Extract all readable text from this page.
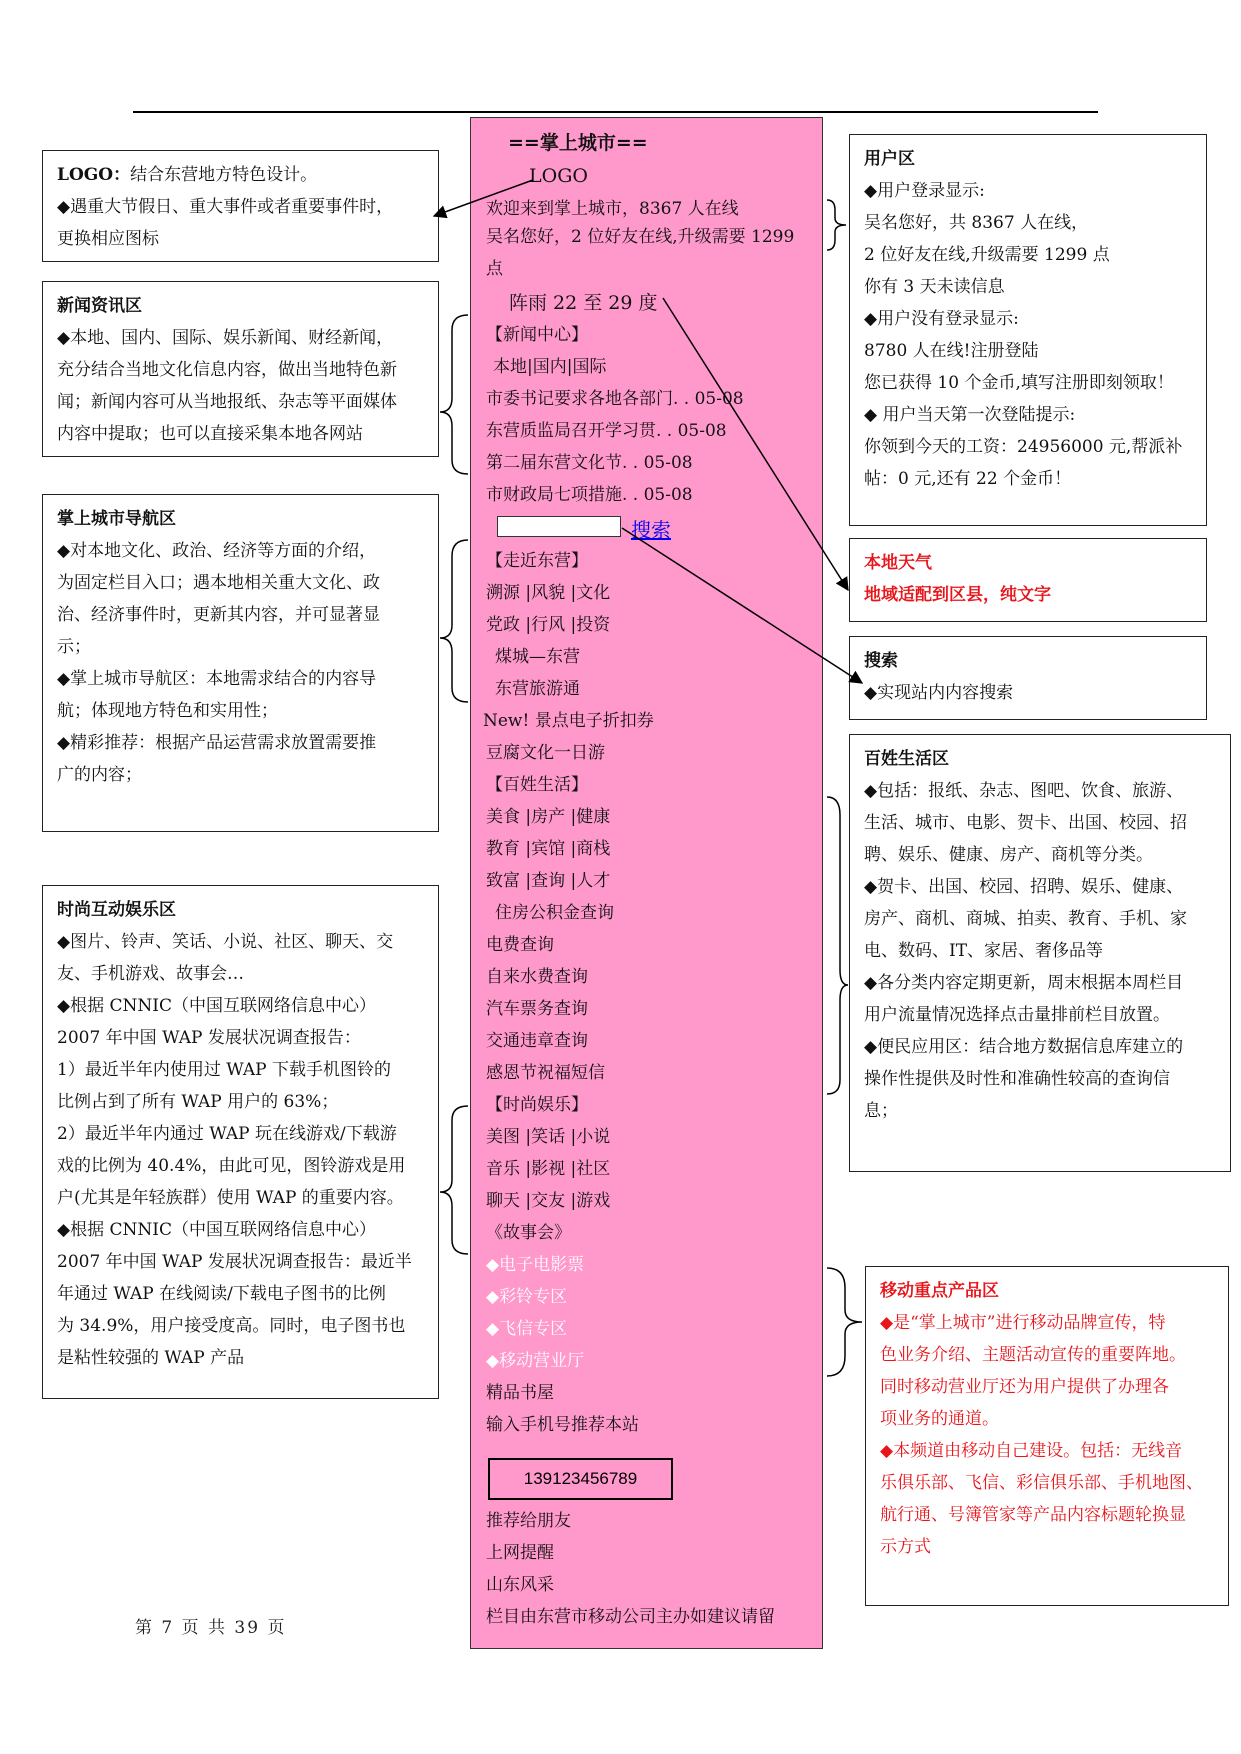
==掌上城市==
LOGO
欢迎来到掌上城市，8367 人在线
吴名您好，2 位好友在线,升级需要 1299 点
阵雨 22 至 29 度
【新闻中心】
本地|国内|国际
市委书记要求各地各部门. . 05-08
东营质监局召开学习贯. . 05-08
第二届东营文化节. . 05-08
市财政局七项措施. . 05-08
搜索
【走近东营】
溯源 |风貌 |文化
党政 |行风 |投资
煤城—东营
东营旅游通
New! 景点电子折扣券
豆腐文化一日游
【百姓生活】
美食 |房产 |健康
教育 |宾馆 |商栈
致富 |查询 |人才
住房公积金查询
电费查询
自来水费查询
汽车票务查询
交通违章查询
感恩节祝福短信
【时尚娱乐】
美图 |笑话 |小说
音乐 |影视 |社区
聊天 |交友 |游戏
《故事会》
◆电子电影票
◆彩铃专区
◆飞信专区
◆移动营业厅
精品书屋
输入手机号推荐本站
139123456789
推荐给朋友
上网提醒
山东风采
栏目由东营市移动公司主办如建议请留

LOGO：结合东营地方特色设计。

◆遇重大节假日、重大事件或者重要事件时，

更换相应图标

新闻资讯区

◆本地、国内、国际、娱乐新闻、财经新闻，

充分结合当地文化信息内容，做出当地特色新

闻；新闻内容可从当地报纸、杂志等平面媒体

内容中提取；也可以直接采集本地各网站

掌上城市导航区

◆对本地文化、政治、经济等方面的介绍，

为固定栏目入口；遇本地相关重大文化、政

治、经济事件时，更新其内容，并可显著显

示；

◆掌上城市导航区：本地需求结合的内容导

航；体现地方特色和实用性；

◆精彩推荐：根据产品运营需求放置需要推

广的内容；

时尚互动娱乐区

◆图片、铃声、笑话、小说、社区、聊天、交

友、手机游戏、故事会…

◆根据 CNNIC（中国互联网络信息中心）

2007 年中国 WAP 发展状况调查报告：

1）最近半年内使用过 WAP 下载手机图铃的

比例占到了所有 WAP 用户的 63%；

2）最近半年内通过 WAP 玩在线游戏/下载游

戏的比例为 40.4%，由此可见，图铃游戏是用

户(尤其是年轻族群）使用 WAP 的重要内容。

◆根据 CNNIC（中国互联网络信息中心）

2007 年中国 WAP 发展状况调查报告：最近半

年通过 WAP 在线阅读/下载电子图书的比例

为 34.9%，用户接受度高。同时，电子图书也

是粘性较强的 WAP 产品

用户区

◆用户登录显示:

吴名您好，共 8367 人在线，

2 位好友在线,升级需要 1299 点

你有 3 天未读信息

◆用户没有登录显示:

8780 人在线!注册登陆

您已获得 10 个金币,填写注册即刻领取！

◆ 用户当天第一次登陆提示:

你领到今天的工资：24956000 元,帮派补

帖：0 元,还有 22 个金币！

本地天气

地域适配到区县，纯文字

搜索

◆实现站内内容搜索

百姓生活区

◆包括：报纸、杂志、图吧、饮食、旅游、

生活、城市、电影、贺卡、出国、校园、招

聘、娱乐、健康、房产、商机等分类。

◆贺卡、出国、校园、招聘、娱乐、健康、

房产、商机、商城、拍卖、教育、手机、家

电、数码、IT、家居、奢侈品等

◆各分类内容定期更新，周末根据本周栏目

用户流量情况选择点击量排前栏目放置。

◆便民应用区：结合地方数据信息库建立的

操作性提供及时性和准确性较高的查询信

息；

移动重点产品区

◆是“掌上城市”进行移动品牌宣传，特

色业务介绍、主题活动宣传的重要阵地。

同时移动营业厅还为用户提供了办理各

项业务的通道。

◆本频道由移动自己建设。包括：无线音

乐俱乐部、飞信、彩信俱乐部、手机地图、

航行通、号簿管家等产品内容标题轮换显

示方式

第 7 页 共 39 页
